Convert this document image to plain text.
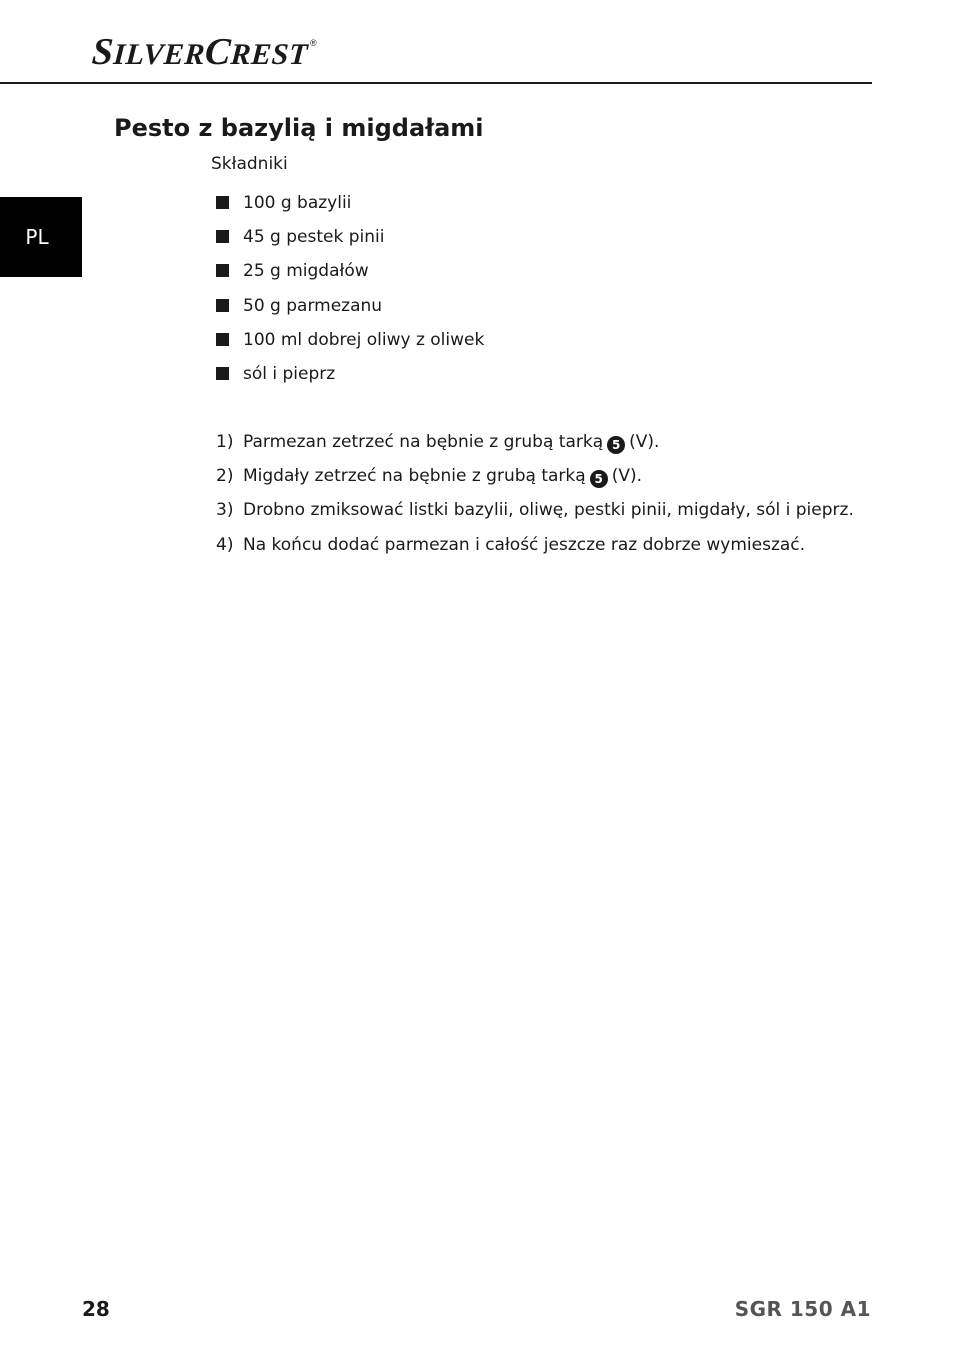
SILVER
CREST ®
PL
Pesto z bazylią i migdałami
Składniki
100 g bazylii
45 g pestek pinii
25 g migdałów
50 g parmezanu
100 ml dobrej oliwy z oliwek
sól i pieprz
1) Parmezan zetrzeć na bębnie z grubą tarką 5 (V).
2) Migdały zetrzeć na bębnie z grubą tarką 5 (V).
3) Drobno zmiksować listki bazylii, oliwę, pestki pinii, migdały, sól i pieprz.
4) Na końcu dodać parmezan i całość jeszcze raz dobrze wymieszać.
28	SGR 150 A1
